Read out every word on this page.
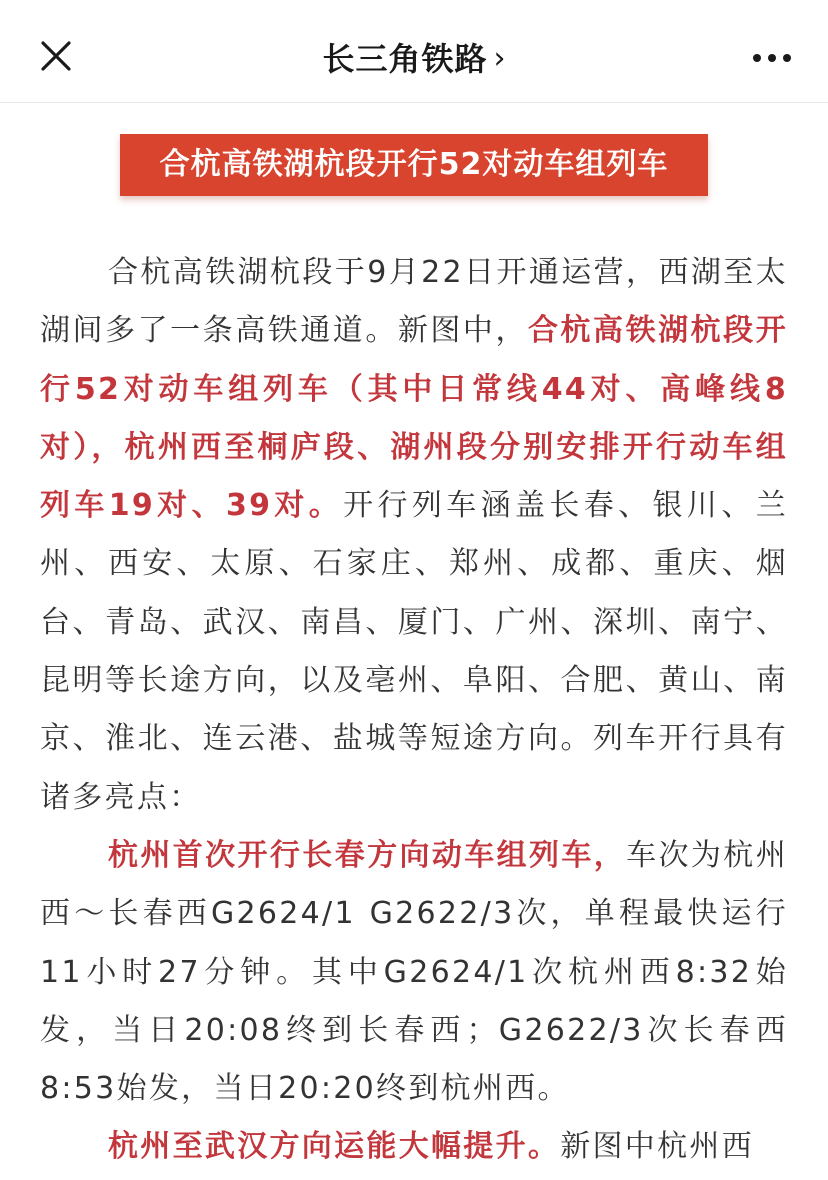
长三角铁路 ›
合杭高铁湖杭段开行52对动车组列车

合杭高铁湖杭段于9月22日开通运营，西湖至太湖间多了一条高铁通道。新图中，合杭高铁湖杭段开行52对动车组列车（其中日常线44对、高峰线8对），杭州西至桐庐段、湖州段分别安排开行动车组列车19对、39对。开行列车涵盖长春、银川、兰州、西安、太原、石家庄、郑州、成都、重庆、烟台、青岛、武汉、南昌、厦门、广州、深圳、南宁、昆明等长途方向，以及亳州、阜阳、合肥、黄山、南京、淮北、连云港、盐城等短途方向。列车开行具有诸多亮点：

杭州首次开行长春方向动车组列车，车次为杭州西～长春西G2624/1 G2622/3次，单程最快运行11小时27分钟。其中G2624/1次杭州西8:32始发，当日20:08终到长春西；G2622/3次长春西8:53始发，当日20:20终到杭州西。

杭州至武汉方向运能大幅提升。新图中杭州西
